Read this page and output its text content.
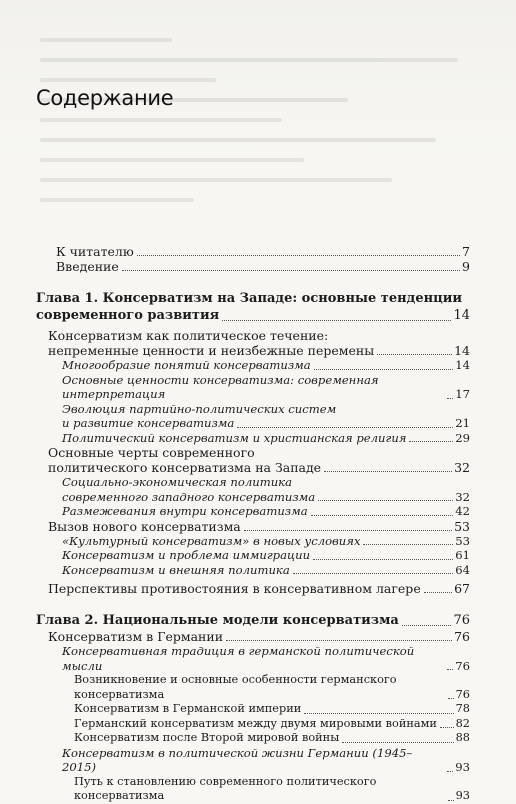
Содержание
К читателю	7
Введение	9
Глава 1. Консерватизм на Западе: основные тенденции
современного развития	14
Консерватизм как политическое течение:
непременные ценности и неизбежные перемены	14
Многообразие понятий консерватизма	14
Основные ценности консерватизма: современная интерпретация	17
Эволюция партийно-политических систем
и развитие консерватизма	21
Политический консерватизм и христианская религия	29
Основные черты современного
политического консерватизма на Западе	32
Социально-экономическая политика
современного западного консерватизма	32
Размежевания внутри консерватизма	42
Вызов нового консерватизма	53
«Культурный консерватизм» в новых условиях	53
Консерватизм и проблема иммиграции	61
Консерватизм и внешняя политика	64
Перспективы противостояния в консервативном лагере	67
Глава 2. Национальные модели консерватизма	76
Консерватизм в Германии	76
Консервативная традиция в германской политической мысли	76
Возникновение и основные особенности германского консерватизма	76
Консерватизм в Германской империи	78
Германский консерватизм между двумя мировыми войнами 82
Консерватизм после Второй мировой войны	88
Консерватизм в политической жизни Германии (1945–2015)	93
Путь к становлению современного политического консерватизма	93
